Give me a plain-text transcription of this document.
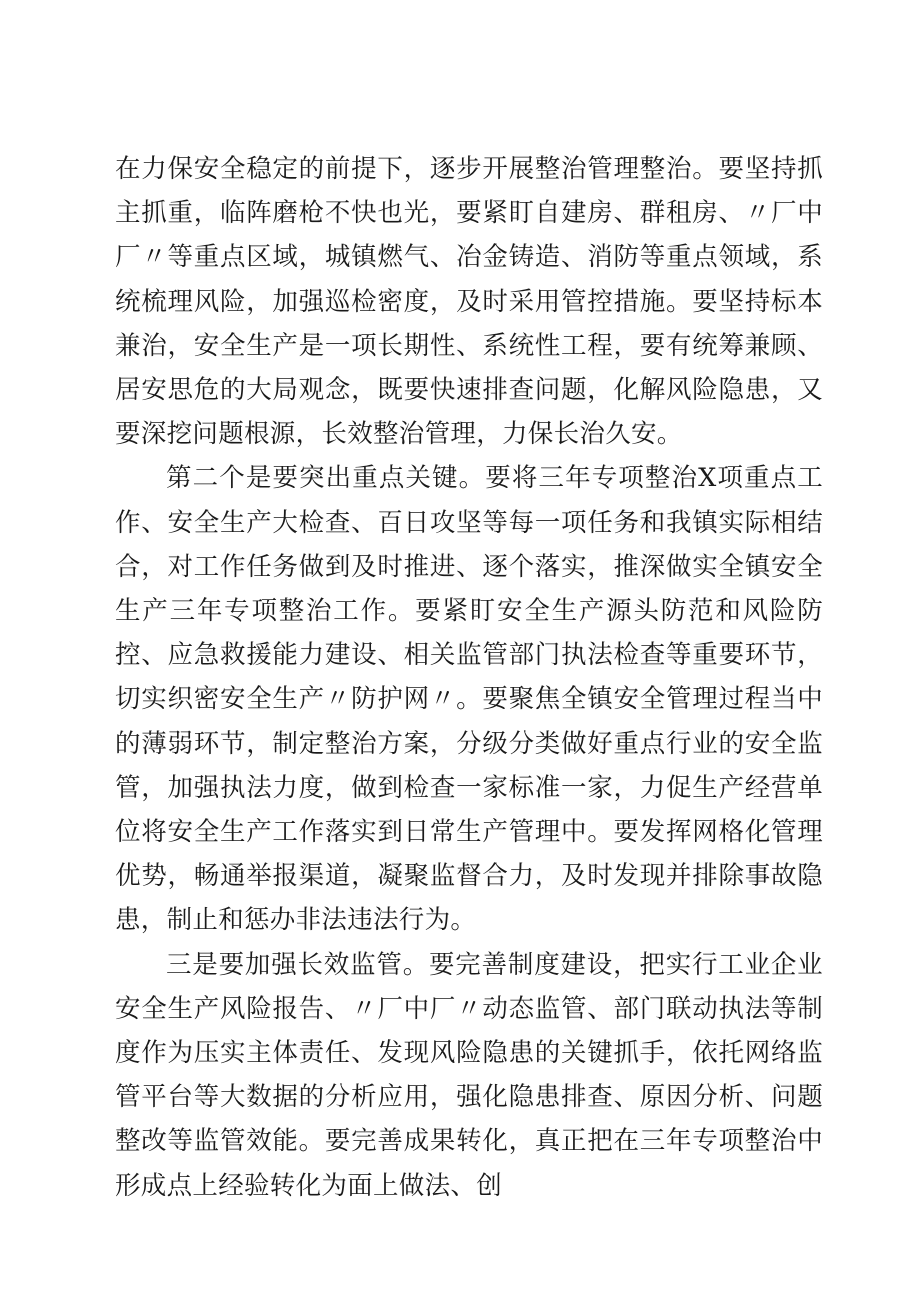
在力保安全稳定的前提下，逐步开展整治管理整治。要坚持抓主抓重，临阵磨枪不快也光，要紧盯自建房、群租房、〃厂中厂〃等重点区域，城镇燃气、冶金铸造、消防等重点领域，系统梳理风险，加强巡检密度，及时采用管控措施。要坚持标本兼治，安全生产是一项长期性、系统性工程，要有统筹兼顾、居安思危的大局观念，既要快速排查问题，化解风险隐患，又要深挖问题根源，长效整治管理，力保长治久安。

第二个是要突出重点关键。要将三年专项整治X项重点工作、安全生产大检查、百日攻坚等每一项任务和我镇实际相结合，对工作任务做到及时推进、逐个落实，推深做实全镇安全生产三年专项整治工作。要紧盯安全生产源头防范和风险防控、应急救援能力建设、相关监管部门执法检查等重要环节，切实织密安全生产〃防护网〃。要聚焦全镇安全管理过程当中的薄弱环节，制定整治方案，分级分类做好重点行业的安全监管，加强执法力度，做到检查一家标准一家，力促生产经营单位将安全生产工作落实到日常生产管理中。要发挥网格化管理优势，畅通举报渠道，凝聚监督合力，及时发现并排除事故隐患，制止和惩办非法违法行为。

三是要加强长效监管。要完善制度建设，把实行工业企业安全生产风险报告、〃厂中厂〃动态监管、部门联动执法等制度作为压实主体责任、发现风险隐患的关键抓手，依托网络监管平台等大数据的分析应用，强化隐患排查、原因分析、问题整改等监管效能。要完善成果转化，真正把在三年专项整治中形成点上经验转化为面上做法、创
